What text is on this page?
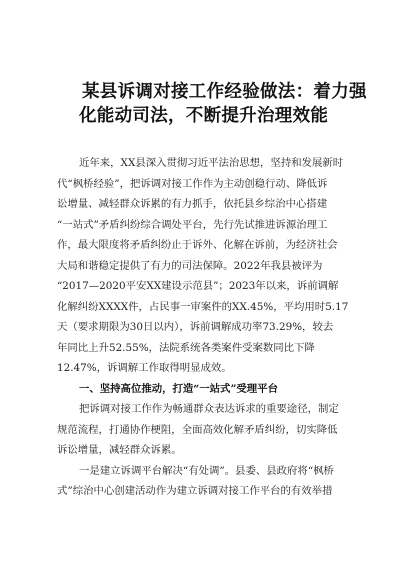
某县诉调对接工作经验做法：着力强
化能动司法，不断提升治理效能

近年来，XX县深入贯彻习近平法治思想，坚持和发展新时
代“枫桥经验”，把诉调对接工作作为主动创稳行动、降低诉
讼增量、减轻群众诉累的有力抓手，依托县乡综治中心搭建
“一站式”矛盾纠纷综合调处平台，先行先试推进诉源治理工
作，最大限度将矛盾纠纷止于诉外、化解在诉前，为经济社会
大局和谐稳定提供了有力的司法保障。2022年我县被评为
“2017—2020平安XX建设示范县”；2023年以来，诉前调解
化解纠纷XXXX件，占民事一审案件的XX.45%，平均用时5.17
天（要求期限为30日以内），诉前调解成功率73.29%，较去
年同比上升52.55%，法院系统各类案件受案数同比下降
12.47%，诉调解工作取得明显成效。

一、坚持高位推动，打造“一站式”受理平台

把诉调对接工作作为畅通群众表达诉求的重要途径，制定
规范流程，打通协作梗阻，全面高效化解矛盾纠纷，切实降低
诉讼增量，减轻群众诉累。

一是建立诉调平台解决“有处调”。县委、县政府将“枫桥
式”综治中心创建活动作为建立诉调对接工作平台的有效举措
